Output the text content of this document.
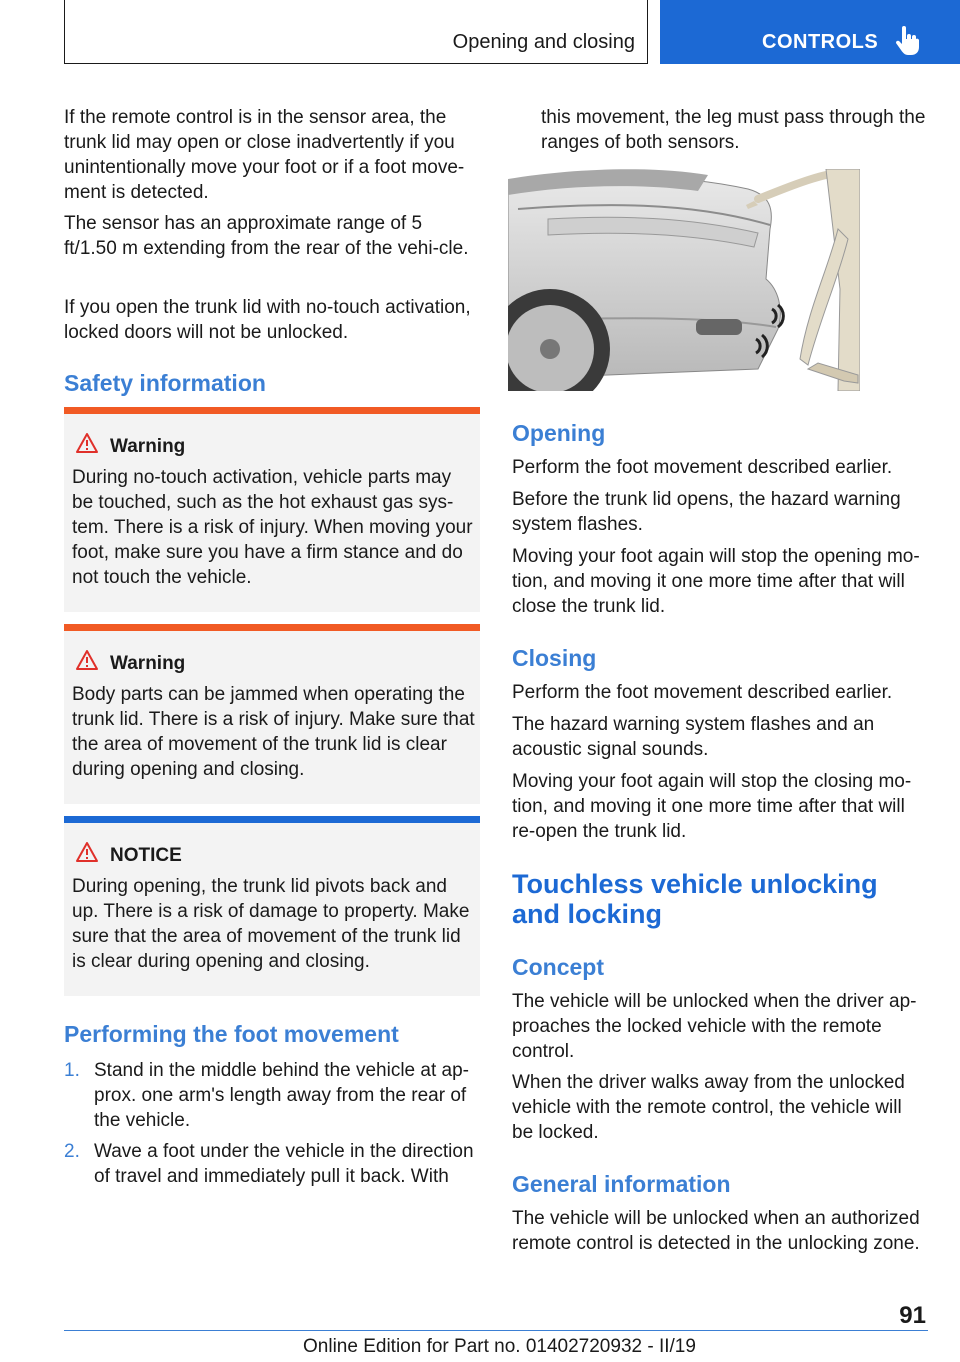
Opening and closing	CONTROLS

If the remote control is in the sensor area, the trunk lid may open or close inadvertently if you unintentionally move your foot or if a foot move‐ment is detected.

The sensor has an approximate range of 5 ft/1.50 m extending from the rear of the vehi‐cle.

If you open the trunk lid with no-touch activation, locked doors will not be unlocked.

Safety information
Warning

During no-touch activation, vehicle parts may be touched, such as the hot exhaust gas sys‐tem. There is a risk of injury. When moving your foot, make sure you have a firm stance and do not touch the vehicle.

Warning

Body parts can be jammed when operating the trunk lid. There is a risk of injury. Make sure that the area of movement of the trunk lid is clear during opening and closing.

NOTICE

During opening, the trunk lid pivots back and up. There is a risk of damage to property. Make sure that the area of movement of the trunk lid is clear during opening and closing.

Performing the foot movement
1. Stand in the middle behind the vehicle at ap‐prox. one arm's length away from the rear of the vehicle.
2. Wave a foot under the vehicle in the direction of travel and immediately pull it back. With

this movement, the leg must pass through the ranges of both sensors.

Opening

Perform the foot movement described earlier.

Before the trunk lid opens, the hazard warning system flashes.

Moving your foot again will stop the opening mo‐tion, and moving it one more time after that will close the trunk lid.

Closing

Perform the foot movement described earlier.

The hazard warning system flashes and an acoustic signal sounds.

Moving your foot again will stop the closing mo‐tion, and moving it one more time after that will re-open the trunk lid.

Touchless vehicle unlocking and locking
Concept

The vehicle will be unlocked when the driver ap‐proaches the locked vehicle with the remote control.

When the driver walks away from the unlocked vehicle with the remote control, the vehicle will be locked.

General information

The vehicle will be unlocked when an authorized remote control is detected in the unlocking zone.

91
Online Edition for Part no. 01402720932 - II/19
